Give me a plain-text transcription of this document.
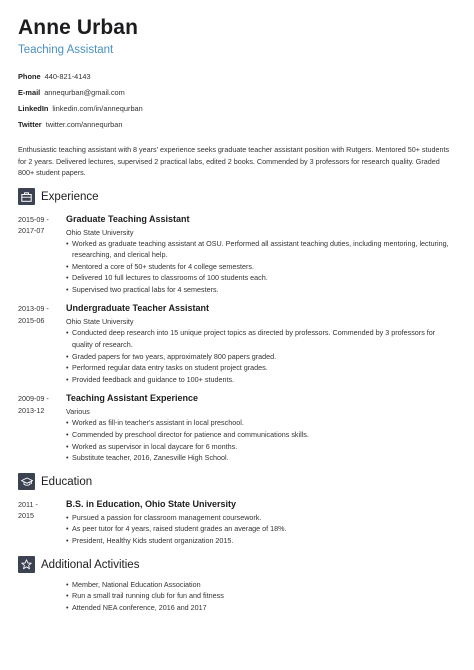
Anne Urban
Teaching Assistant
Phone 440-821-4143
E-mail annequrban@gmail.com
LinkedIn linkedin.com/in/annequrban
Twitter twitter.com/annequrban
Enthusiastic teaching assistant with 8 years' experience seeks graduate teacher assistant position with Rutgers. Mentored 50+ students for 2 years. Delivered lectures, supervised 2 practical labs, edited 2 books. Commended by 3 professors for research quality. Graded 800+ student papers.
Experience
2015-09 -
2017-07
Graduate Teaching Assistant
Ohio State University
• Worked as graduate teaching assistant at OSU. Performed all assistant teaching duties, including mentoring, lecturing, researching, and clerical help.
• Mentored a core of 50+ students for 4 college semesters.
• Delivered 10 full lectures to classrooms of 100 students each.
• Supervised two practical labs for 4 semesters.
2013-09 -
2015-06
Undergraduate Teacher Assistant
Ohio State University
• Conducted deep research into 15 unique project topics as directed by professors. Commended by 3 professors for quality of research.
• Graded papers for two years, approximately 800 papers graded.
• Performed regular data entry tasks on student project grades.
• Provided feedback and guidance to 100+ students.
2009-09 -
2013-12
Teaching Assistant Experience
Various
• Worked as fill-in teacher's assistant in local preschool.
• Commended by preschool director for patience and communications skills.
• Worked as supervisor in local daycare for 6 months.
• Substitute teacher, 2016, Zanesville High School.
Education
2011 -
2015
B.S. in Education, Ohio State University
• Pursued a passion for classroom management coursework.
• As peer tutor for 4 years, raised student grades an average of 18%.
• President, Healthy Kids student organization 2015.
Additional Activities
• Member, National Education Association
• Run a small trail running club for fun and fitness
• Attended NEA conference, 2016 and 2017
